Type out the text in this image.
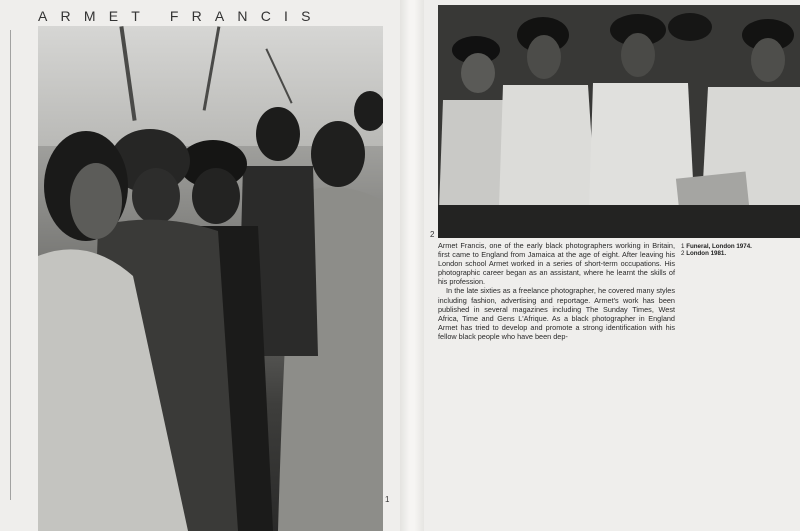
ARMET FRANCIS
1
2

Armet Francis, one of the early black photographers working in Britain, first came to England from Jamaica at the age of eight. After leaving his London school Armet worked in a series of short-term occupations. His photographic career began as an assistant, where he learnt the skills of his profession.

In the late sixties as a freelance photographer, he covered many styles including fashion, advertising and reportage. Armet's work has been published in several magazines including The Sunday Times, West Africa, Time and Gens L'Afrique. As a black photographer in England Armet has tried to develop and promote a strong identification with his fellow black people who have been dep-

1 Funeral, London 1974.
2 London 1981.
